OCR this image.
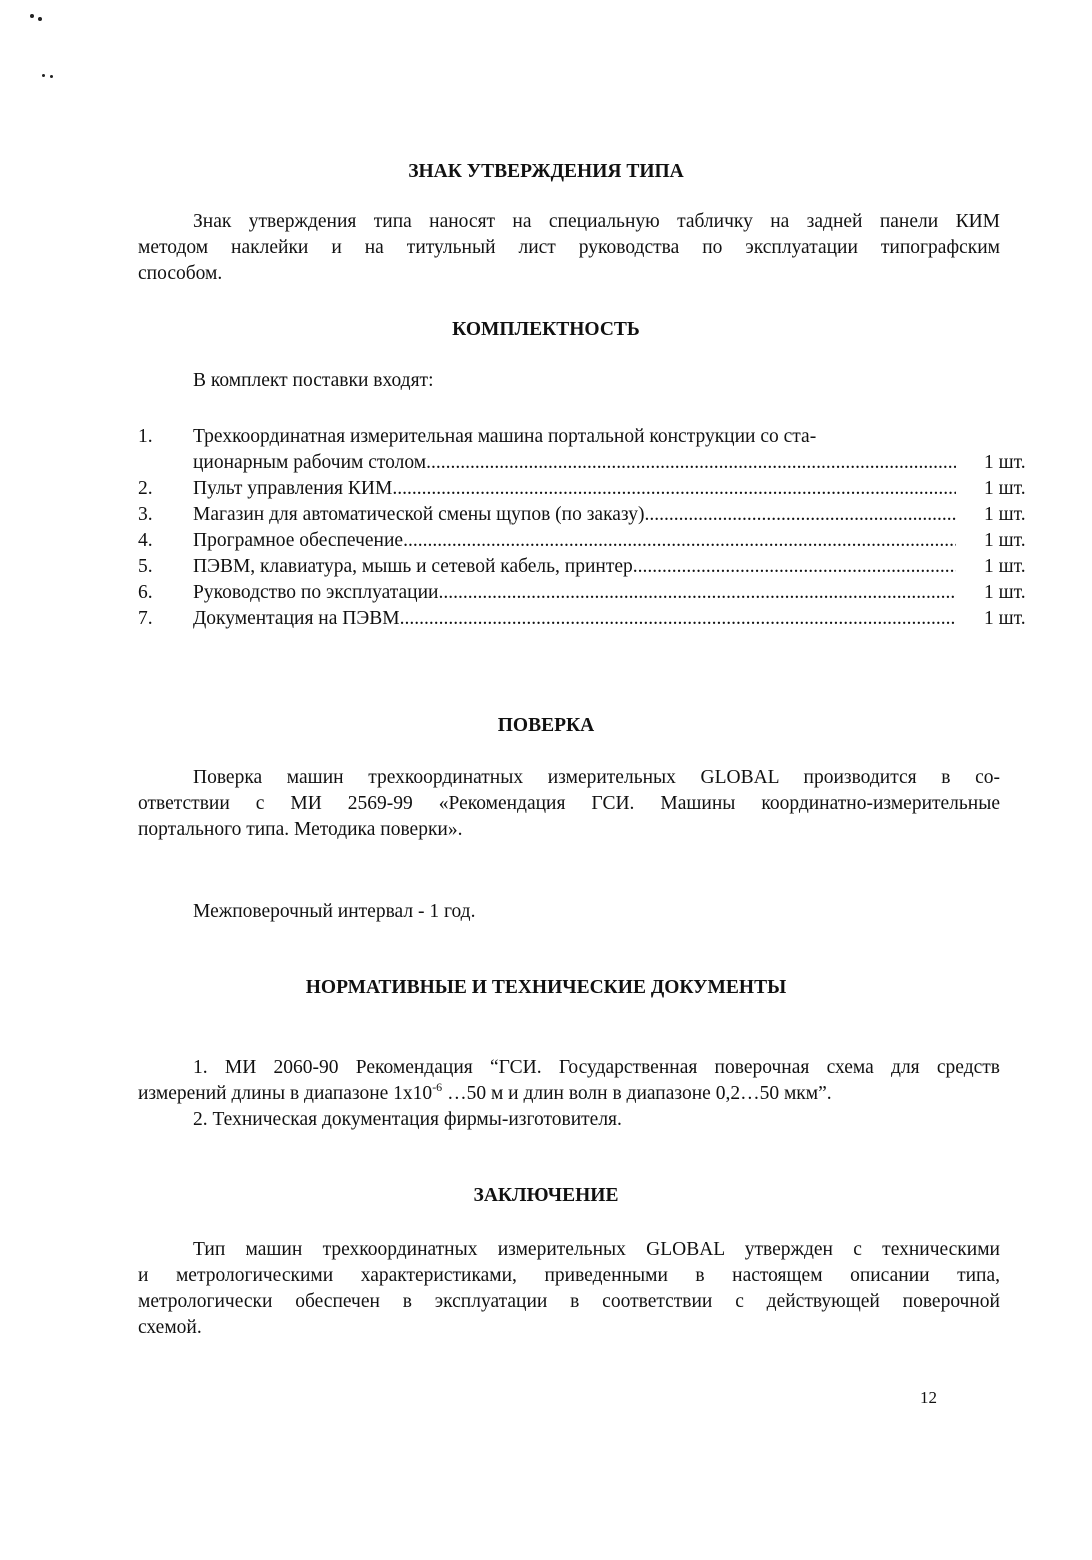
ЗНАК УТВЕРЖДЕНИЯ ТИПА
Знак утверждения типа наносят на специальную табличку на задней панели КИМ
методом наклейки и на титульный лист руководства по эксплуатации типографским
способом.
КОМПЛЕКТНОСТЬ
В комплект поставки входят:
1.	Трехкоординатная измерительная машина портальной конструкции со ста-
ционарным рабочим столом .....	1 шт.
2.	Пульт управления КИМ .....	1 шт.
3.	Магазин для автоматической смены щупов (по заказу) .....	1 шт.
4.	Програмное обеспечение .....	1 шт.
5.	ПЭВМ, клавиатура, мышь и сетевой кабель, принтер .....	1 шт.
6.	Руководство по эксплуатации .....	1 шт.
7.	Документация на ПЭВМ .....	1 шт.
ПОВЕРКА
Поверка машин трехкоординатных измерительных GLOBAL производится в со-
ответствии с МИ 2569-99 «Рекомендация ГСИ. Машины координатно-измерительные
портального типа. Методика поверки».
Межповерочный интервал - 1 год.
НОРМАТИВНЫЕ И ТЕХНИЧЕСКИЕ ДОКУМЕНТЫ
1. МИ 2060-90 Рекомендация “ГСИ. Государственная поверочная схема для средств
измерений длины в диапазоне $1х10^{-6}$ …50 м и длин волн в диапазоне 0,2…50 мкм”.
2. Техническая документация фирмы-изготовителя.
ЗАКЛЮЧЕНИЕ
Тип машин трехкоординатных измерительных GLOBAL утвержден с техническими
и метрологическими характеристиками, приведенными в настоящем описании типа,
метрологически обеспечен в эксплуатации в соответствии с действующей поверочной
схемой.
12
